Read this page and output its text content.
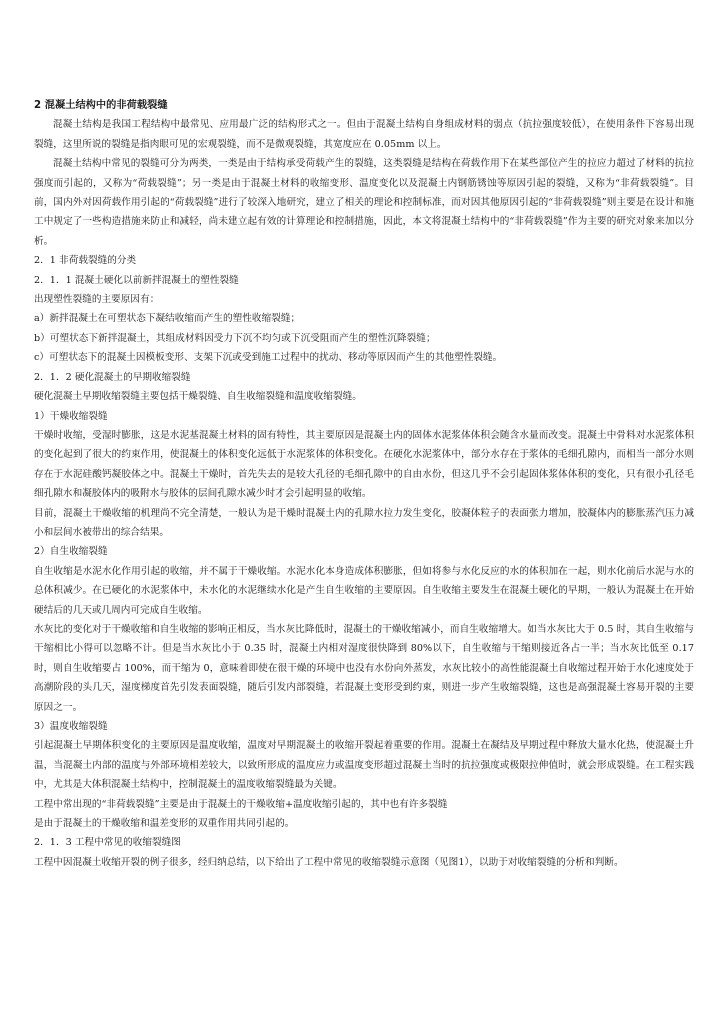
2 混凝土结构中的非荷载裂缝

混凝土结构是我国工程结构中最常见、应用最广泛的结构形式之一。但由于混凝土结构自身组成材料的弱点（抗拉强度较低），在使用条件下容易出现裂缝，这里所说的裂缝是指肉眼可见的宏观裂缝，而不是微观裂缝，其宽度应在 0.05mm 以上。

混凝土结构中常见的裂缝可分为两类，一类是由于结构承受荷载产生的裂缝，这类裂缝是结构在荷载作用下在某些部位产生的拉应力超过了材料的抗拉强度而引起的，又称为“荷载裂缝”；另一类是由于混凝土材料的收缩变形、温度变化以及混凝土内钢筋锈蚀等原因引起的裂缝，又称为“非荷载裂缝”。目前，国内外对因荷载作用引起的“荷载裂缝”进行了较深入地研究，建立了相关的理论和控制标准，而对因其他原因引起的“非荷载裂缝”则主要是在设计和施工中规定了一些构造措施来防止和减轻，尚未建立起有效的计算理论和控制措施，因此，本文将混凝土结构中的“非荷载裂缝”作为主要的研究对象来加以分析。

2．1 非荷载裂缝的分类

2．1．1 混凝土硬化以前新拌混凝土的塑性裂缝

出现塑性裂缝的主要原因有：

a）新拌混凝土在可塑状态下凝结收缩而产生的塑性收缩裂缝；

b）可塑状态下新拌混凝土，其组成材料因受力下沉不均匀或下沉受阻而产生的塑性沉降裂缝；

c）可塑状态下的混凝土因模板变形、支架下沉或受到施工过程中的扰动、移动等原因而产生的其他塑性裂缝。

2．1．2 硬化混凝土的早期收缩裂缝

硬化混凝土早期收缩裂缝主要包括干燥裂缝、自生收缩裂缝和温度收缩裂缝。

1）干燥收缩裂缝

干燥时收缩，受湿时膨胀，这是水泥基混凝土材料的固有特性，其主要原因是混凝土内的固体水泥浆体体积会随含水量而改变。混凝土中骨料对水泥浆体积的变化起到了很大的约束作用，使混凝土的体积变化远低于水泥浆体的体积变化。在硬化水泥浆体中，部分水存在于浆体的毛细孔隙内，而相当一部分水则存在于水泥硅酸钙凝胶体之中。混凝土干燥时，首先失去的是较大孔径的毛细孔隙中的自由水份，但这几乎不会引起固体浆体体积的变化，只有很小孔径毛细孔隙水和凝胶体内的吸附水与胶体的层间孔隙水减少时才会引起明显的收缩。

目前，混凝土干燥收缩的机理尚不完全清楚，一般认为是干燥时混凝土内的孔隙水拉力发生变化，胶凝体粒子的表面张力增加，胶凝体内的膨胀蒸汽压力减小和层间水被带出的综合结果。

2）自生收缩裂缝

自生收缩是水泥水化作用引起的收缩，并不属于干燥收缩。水泥水化本身造成体积膨胀，但如将参与水化反应的水的体积加在一起，则水化前后水泥与水的总体积减少。在已硬化的水泥浆体中，未水化的水泥继续水化是产生自生收缩的主要原因。自生收缩主要发生在混凝土硬化的早期，一般认为混凝土在开始硬结后的几天或几周内可完成自生收缩。

水灰比的变化对于干燥收缩和自生收缩的影响正相反，当水灰比降低时，混凝土的干燥收缩减小，而自生收缩增大。如当水灰比大于 0.5 时，其自生收缩与干缩相比小得可以忽略不计。但是当水灰比小于 0.35 时，混凝土内相对湿度很快降到 80%以下，自生收缩与干缩则接近各占一半；当水灰比低至 0.17 时，则自生收缩要占 100%，而干缩为 0，意味着即使在很干燥的环境中也没有水份向外蒸发，水灰比较小的高性能混凝土自收缩过程开始于水化速度处于高潮阶段的头几天，湿度梯度首先引发表面裂缝，随后引发内部裂缝，若混凝土变形受到约束，则进一步产生收缩裂缝，这也是高强混凝土容易开裂的主要原因之一。

3）温度收缩裂缝

引起混凝土早期体积变化的主要原因是温度收缩，温度对早期混凝土的收缩开裂起着重要的作用。混凝土在凝结及早期过程中释放大量水化热，使混凝土升温，当混凝土内部的温度与外部环境相差较大，以致所形成的温度应力或温度变形超过混凝土当时的抗拉强度或极限拉伸值时，就会形成裂缝。在工程实践中，尤其是大体积混凝土结构中，控制混凝土的温度收缩裂缝最为关键。

工程中常出现的“非荷载裂缝”主要是由于混凝土的干燥收缩+温度收缩引起的，其中也有许多裂缝

是由于混凝土的干燥收缩和温差变形的双重作用共同引起的。

2．1．3 工程中常见的收缩裂缝图

工程中因混凝土收缩开裂的例子很多，经归纳总结，以下给出了工程中常见的收缩裂缝示意图（见图1），以助于对收缩裂缝的分析和判断。
